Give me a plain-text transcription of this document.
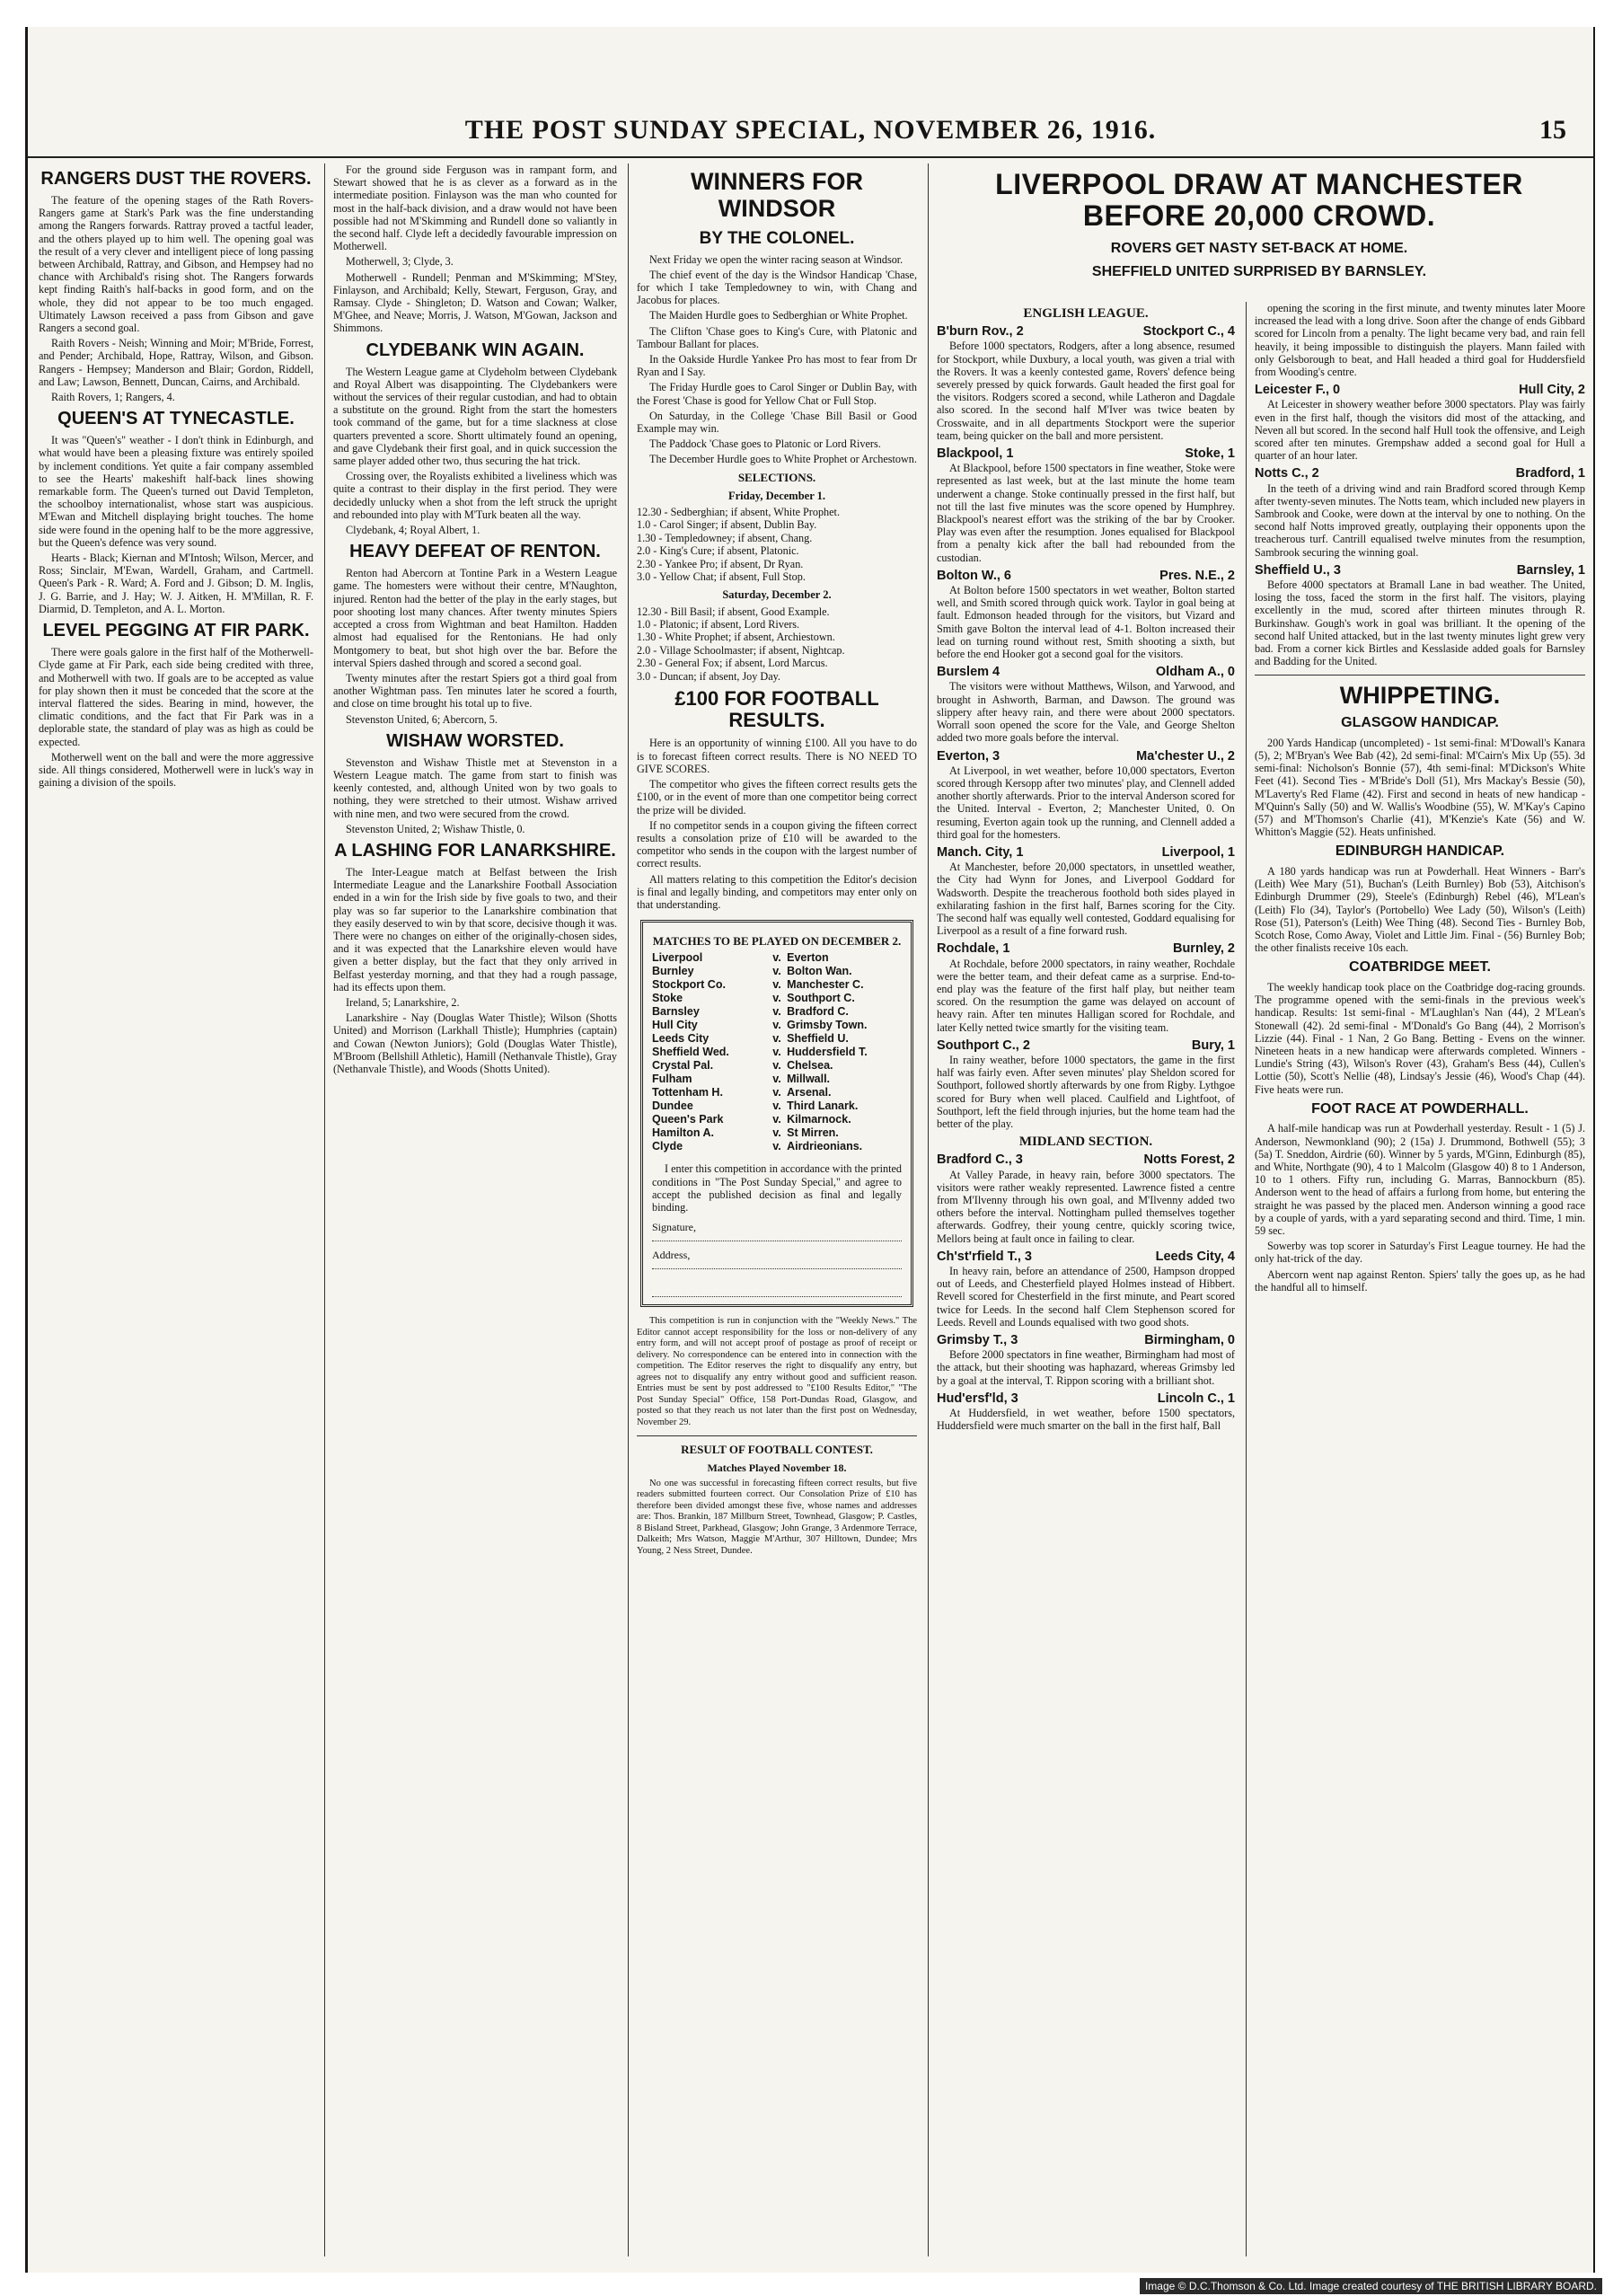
THE POST SUNDAY SPECIAL, NOVEMBER 26, 1916.	15
RANGERS DUST THE ROVERS.

The feature of the opening stages of the Rath Rovers-Rangers game at Stark's Park was the fine understanding among the Rangers forwards. Rattray proved a tactful leader, and the others played up to him well. The opening goal was the result of a very clever and intelligent piece of long passing between Archibald, Rattray, and Gibson, and Hempsey had no chance with Archibald's rising shot. The Rangers forwards kept finding Raith's half-backs in good form, and on the whole, they did not appear to be too much engaged. Ultimately Lawson received a pass from Gibson and gave Rangers a second goal.

Raith Rovers - Neish; Winning and Moir; M'Bride, Forrest, and Pender; Archibald, Hope, Rattray, Wilson, and Gibson. Rangers - Hempsey; Manderson and Blair; Gordon, Riddell, and Law; Lawson, Bennett, Duncan, Cairns, and Archibald.

Raith Rovers, 1; Rangers, 4.

QUEEN'S AT TYNECASTLE.

It was "Queen's" weather - I don't think in Edinburgh, and what would have been a pleasing fixture was entirely spoiled by inclement conditions. Yet quite a fair company assembled to see the Hearts' makeshift half-back lines showing remarkable form. The Queen's turned out David Templeton, the schoolboy internationalist, whose start was auspicious. M'Ewan and Mitchell displaying bright touches. The home side were found in the opening half to be the more aggressive, but the Queen's defence was very sound.

Hearts - Black; Kiernan and M'Intosh; Wilson, Mercer, and Ross; Sinclair, M'Ewan, Wardell, Graham, and Cartmell. Queen's Park - R. Ward; A. Ford and J. Gibson; D. M. Inglis, J. G. Barrie, and J. Hay; W. J. Aitken, H. M'Millan, R. F. Diarmid, D. Templeton, and A. L. Morton.

LEVEL PEGGING AT FIR PARK.

There were goals galore in the first half of the Motherwell-Clyde game at Fir Park, each side being credited with three, and Motherwell with two. If goals are to be accepted as value for play shown then it must be conceded that the score at the interval flattered the sides. Bearing in mind, however, the climatic conditions, and the fact that Fir Park was in a deplorable state, the standard of play was as high as could be expected.

Motherwell went on the ball and were the more aggressive side. All things considered, Motherwell were in luck's way in gaining a division of the spoils.

For the ground side Ferguson was in rampant form, and Stewart showed that he is as clever as a forward as in the intermediate position. Finlayson was the man who counted for most in the half-back division, and a draw would not have been possible had not M'Skimming and Rundell done so valiantly in the second half. Clyde left a decidedly favourable impression on Motherwell.

Motherwell, 3; Clyde, 3.

Motherwell - Rundell; Penman and M'Skimming; M'Stey, Finlayson, and Archibald; Kelly, Stewart, Ferguson, Gray, and Ramsay. Clyde - Shingleton; D. Watson and Cowan; Walker, M'Ghee, and Neave; Morris, J. Watson, M'Gowan, Jackson and Shimmons.

CLYDEBANK WIN AGAIN.

The Western League game at Clydeholm between Clydebank and Royal Albert was disappointing. The Clydebankers were without the services of their regular custodian, and had to obtain a substitute on the ground. Right from the start the homesters took command of the game, but for a time slackness at close quarters prevented a score. Shortt ultimately found an opening, and gave Clydebank their first goal, and in quick succession the same player added other two, thus securing the hat trick.

Crossing over, the Royalists exhibited a liveliness which was quite a contrast to their display in the first period. They were decidedly unlucky when a shot from the left struck the upright and rebounded into play with M'Turk beaten all the way.

Clydebank, 4; Royal Albert, 1.

HEAVY DEFEAT OF RENTON.

Renton had Abercorn at Tontine Park in a Western League game. The homesters were without their centre, M'Naughton, injured. Renton had the better of the play in the early stages, but poor shooting lost many chances. After twenty minutes Spiers accepted a cross from Wightman and beat Hamilton. Hadden almost had equalised for the Rentonians. He had only Montgomery to beat, but shot high over the bar. Before the interval Spiers dashed through and scored a second goal.

Twenty minutes after the restart Spiers got a third goal from another Wightman pass. Ten minutes later he scored a fourth, and close on time brought his total up to five.

Stevenston United, 6; Abercorn, 5.

WISHAW WORSTED.

Stevenston and Wishaw Thistle met at Stevenston in a Western League match. The game from start to finish was keenly contested, and, although United won by two goals to nothing, they were stretched to their utmost. Wishaw arrived with nine men, and two were secured from the crowd.

Stevenston United, 2; Wishaw Thistle, 0.

A LASHING FOR LANARKSHIRE.

The Inter-League match at Belfast between the Irish Intermediate League and the Lanarkshire Football Association ended in a win for the Irish side by five goals to two, and their play was so far superior to the Lanarkshire combination that they easily deserved to win by that score, decisive though it was. There were no changes on either of the originally-chosen sides, and it was expected that the Lanarkshire eleven would have given a better display, but the fact that they only arrived in Belfast yesterday morning, and that they had a rough passage, had its effects upon them.

Ireland, 5; Lanarkshire, 2.

Lanarkshire - Nay (Douglas Water Thistle); Wilson (Shotts United) and Morrison (Larkhall Thistle); Humphries (captain) and Cowan (Newton Juniors); Gold (Douglas Water Thistle), M'Broom (Bellshill Athletic), Hamill (Nethanvale Thistle), Gray (Nethanvale Thistle), and Woods (Shotts United).

WINNERS FOR WINDSOR
BY THE COLONEL.

Next Friday we open the winter racing season at Windsor.

The chief event of the day is the Windsor Handicap 'Chase, for which I take Templedowney to win, with Chang and Jacobus for places.

The Maiden Hurdle goes to Sedberghian or White Prophet.

The Clifton 'Chase goes to King's Cure, with Platonic and Tambour Ballant for places.

In the Oakside Hurdle Yankee Pro has most to fear from Dr Ryan and I Say.

The Friday Hurdle goes to Carol Singer or Dublin Bay, with the Forest 'Chase is good for Yellow Chat or Full Stop.

On Saturday, in the College 'Chase Bill Basil or Good Example may win.

The Paddock 'Chase goes to Platonic or Lord Rivers.

The December Hurdle goes to White Prophet or Archestown.

SELECTIONS.
Friday, December 1.
12.30 - Sedberghian; if absent, White Prophet.
1.0 - Carol Singer; if absent, Dublin Bay.
1.30 - Templedowney; if absent, Chang.
2.0 - King's Cure; if absent, Platonic.
2.30 - Yankee Pro; if absent, Dr Ryan.
3.0 - Yellow Chat; if absent, Full Stop.
Saturday, December 2.
12.30 - Bill Basil; if absent, Good Example.
1.0 - Platonic; if absent, Lord Rivers.
1.30 - White Prophet; if absent, Archiestown.
2.0 - Village Schoolmaster; if absent, Nightcap.
2.30 - General Fox; if absent, Lord Marcus.
3.0 - Duncan; if absent, Joy Day.
£100 FOR FOOTBALL RESULTS.

Here is an opportunity of winning £100. All you have to do is to forecast fifteen correct results. There is NO NEED TO GIVE SCORES.

The competitor who gives the fifteen correct results gets the £100, or in the event of more than one competitor being correct the prize will be divided.

If no competitor sends in a coupon giving the fifteen correct results a consolation prize of £10 will be awarded to the competitor who sends in the coupon with the largest number of correct results.

All matters relating to this competition the Editor's decision is final and legally binding, and competitors may enter only on that understanding.

MATCHES TO BE PLAYED ON DECEMBER 2.
Liverpool	v. Everton
Burnley	v. Bolton Wan.
Stockport Co.	v. Manchester C.
Stoke	v. Southport C.
Barnsley	v. Bradford C.
Hull City	v. Grimsby Town.
Leeds City	v. Sheffield U.
Sheffield Wed.	v. Huddersfield T.
Crystal Pal.	v. Chelsea.
Fulham	v. Millwall.
Tottenham H.	v. Arsenal.
Dundee	v. Third Lanark.
Queen's Park	v. Kilmarnock.
Hamilton A.	v. St Mirren.
Clyde	v. Airdrieonians.

I enter this competition in accordance with the printed conditions in "The Post Sunday Special," and agree to accept the published decision as final and legally binding.

Signature,
Address,

This competition is run in conjunction with the "Weekly News." The Editor cannot accept responsibility for the loss or non-delivery of any entry form, and will not accept proof of postage as proof of receipt or delivery. No correspondence can be entered into in connection with the competition. The Editor reserves the right to disqualify any entry, but agrees not to disqualify any entry without good and sufficient reason. Entries must be sent by post addressed to "£100 Results Editor," "The Post Sunday Special" Office, 158 Port-Dundas Road, Glasgow, and posted so that they reach us not later than the first post on Wednesday, November 29.

RESULT OF FOOTBALL CONTEST.
Matches Played November 18.

No one was successful in forecasting fifteen correct results, but five readers submitted fourteen correct. Our Consolation Prize of £10 has therefore been divided amongst these five, whose names and addresses are: Thos. Brankin, 187 Millburn Street, Townhead, Glasgow; P. Castles, 8 Bisland Street, Parkhead, Glasgow; John Grange, 3 Ardenmore Terrace, Dalkeith; Mrs Watson, Maggie M'Arthur, 307 Hilltown, Dundee; Mrs Young, 2 Ness Street, Dundee.

LIVERPOOL DRAW AT MANCHESTER BEFORE 20,000 CROWD.
ROVERS GET NASTY SET-BACK AT HOME.
SHEFFIELD UNITED SURPRISED BY BARNSLEY.
ENGLISH LEAGUE.
B'burn Rov., 2	Stockport C., 4

Before 1000 spectators, Rodgers, after a long absence, resumed for Stockport, while Duxbury, a local youth, was given a trial with the Rovers. It was a keenly contested game, Rovers' defence being severely pressed by quick forwards. Gault headed the first goal for the visitors. Rodgers scored a second, while Latheron and Dagdale also scored. In the second half M'Iver was twice beaten by Crosswaite, and in all departments Stockport were the superior team, being quicker on the ball and more persistent.

Blackpool, 1	Stoke, 1

At Blackpool, before 1500 spectators in fine weather, Stoke were represented as last week, but at the last minute the home team underwent a change. Stoke continually pressed in the first half, but not till the last five minutes was the score opened by Humphrey. Blackpool's nearest effort was the striking of the bar by Crooker. Play was even after the resumption. Jones equalised for Blackpool from a penalty kick after the ball had rebounded from the custodian.

Bolton W., 6	Pres. N.E., 2

At Bolton before 1500 spectators in wet weather, Bolton started well, and Smith scored through quick work. Taylor in goal being at fault. Edmonson headed through for the visitors, but Vizard and Smith gave Bolton the interval lead of 4-1. Bolton increased their lead on turning round without rest, Smith shooting a sixth, but before the end Hooker got a second goal for the visitors.

Burslem 4	Oldham A., 0

The visitors were without Matthews, Wilson, and Yarwood, and brought in Ashworth, Barman, and Dawson. The ground was slippery after heavy rain, and there were about 2000 spectators. Worrall soon opened the score for the Vale, and George Shelton added two more goals before the interval.

Everton, 3	Ma'chester U., 2

At Liverpool, in wet weather, before 10,000 spectators, Everton scored through Kersopp after two minutes' play, and Clennell added another shortly afterwards. Prior to the interval Anderson scored for the United. Interval - Everton, 2; Manchester United, 0. On resuming, Everton again took up the running, and Clennell added a third goal for the homesters.

Manch. City, 1	Liverpool, 1

At Manchester, before 20,000 spectators, in unsettled weather, the City had Wynn for Jones, and Liverpool Goddard for Wadsworth. Despite the treacherous foothold both sides played in exhilarating fashion in the first half, Barnes scoring for the City. The second half was equally well contested, Goddard equalising for Liverpool as a result of a fine forward rush.

Rochdale, 1	Burnley, 2

At Rochdale, before 2000 spectators, in rainy weather, Rochdale were the better team, and their defeat came as a surprise. End-to-end play was the feature of the first half play, but neither team scored. On the resumption the game was delayed on account of heavy rain. After ten minutes Halligan scored for Rochdale, and later Kelly netted twice smartly for the visiting team.

Southport C., 2	Bury, 1

In rainy weather, before 1000 spectators, the game in the first half was fairly even. After seven minutes' play Sheldon scored for Southport, followed shortly afterwards by one from Rigby. Lythgoe scored for Bury when well placed. Caulfield and Lightfoot, of Southport, left the field through injuries, but the home team had the better of the play.

MIDLAND SECTION.
Bradford C., 3	Notts Forest, 2

At Valley Parade, in heavy rain, before 3000 spectators. The visitors were rather weakly represented. Lawrence fisted a centre from M'Ilvenny through his own goal, and M'Ilvenny added two others before the interval. Nottingham pulled themselves together afterwards. Godfrey, their young centre, quickly scoring twice, Mellors being at fault once in failing to clear.

Ch'st'rfield T., 3	Leeds City, 4

In heavy rain, before an attendance of 2500, Hampson dropped out of Leeds, and Chesterfield played Holmes instead of Hibbert. Revell scored for Chesterfield in the first minute, and Peart scored twice for Leeds. In the second half Clem Stephenson scored for Leeds. Revell and Lounds equalised with two good shots.

Grimsby T., 3	Birmingham, 0

Before 2000 spectators in fine weather, Birmingham had most of the attack, but their shooting was haphazard, whereas Grimsby led by a goal at the interval, T. Rippon scoring with a brilliant shot.

Hud'ersf'ld, 3	Lincoln C., 1

At Huddersfield, in wet weather, before 1500 spectators, Huddersfield were much smarter on the ball in the first half, Ball

opening the scoring in the first minute, and twenty minutes later Moore increased the lead with a long drive. Soon after the change of ends Gibbard scored for Lincoln from a penalty. The light became very bad, and rain fell heavily, it being impossible to distinguish the players. Mann failed with only Gelsborough to beat, and Hall headed a third goal for Huddersfield from Wooding's centre.

Leicester F., 0	Hull City, 2

At Leicester in showery weather before 3000 spectators. Play was fairly even in the first half, though the visitors did most of the attacking, and Neven all but scored. In the second half Hull took the offensive, and Leigh scored after ten minutes. Grempshaw added a second goal for Hull a quarter of an hour later.

Notts C., 2	Bradford, 1

In the teeth of a driving wind and rain Bradford scored through Kemp after twenty-seven minutes. The Notts team, which included new players in Sambrook and Cooke, were down at the interval by one to nothing. On the second half Notts improved greatly, outplaying their opponents upon the treacherous turf. Cantrill equalised twelve minutes from the resumption, Sambrook securing the winning goal.

Sheffield U., 3	Barnsley, 1

Before 4000 spectators at Bramall Lane in bad weather. The United, losing the toss, faced the storm in the first half. The visitors, playing excellently in the mud, scored after thirteen minutes through R. Burkinshaw. Gough's work in goal was brilliant. It the opening of the second half United attacked, but in the last twenty minutes light grew very bad. From a corner kick Birtles and Kesslaside added goals for Barnsley and Badding for the United.

WHIPPETING.
GLASGOW HANDICAP.

200 Yards Handicap (uncompleted) - 1st semi-final: M'Dowall's Kanara (5), 2; M'Bryan's Wee Bab (42), 2d semi-final: M'Cairn's Mix Up (55). 3d semi-final: Nicholson's Bonnie (57), 4th semi-final: M'Dickson's White Feet (41). Second Ties - M'Bride's Doll (51), Mrs Mackay's Bessie (50), M'Laverty's Red Flame (42). First and second in heats of new handicap - M'Quinn's Sally (50) and W. Wallis's Woodbine (55), W. M'Kay's Capino (57) and M'Thomson's Charlie (41), M'Kenzie's Kate (56) and W. Whitton's Maggie (52). Heats unfinished.

EDINBURGH HANDICAP.

A 180 yards handicap was run at Powderhall. Heat Winners - Barr's (Leith) Wee Mary (51), Buchan's (Leith Burnley) Bob (53), Aitchison's Edinburgh Drummer (29), Steele's (Edinburgh) Rebel (46), M'Lean's (Leith) Flo (34), Taylor's (Portobello) Wee Lady (50), Wilson's (Leith) Rose (51), Paterson's (Leith) Wee Thing (48). Second Ties - Burnley Bob, Scotch Rose, Como Away, Violet and Little Jim. Final - (56) Burnley Bob; the other finalists receive 10s each.

COATBRIDGE MEET.

The weekly handicap took place on the Coatbridge dog-racing grounds. The programme opened with the semi-finals in the previous week's handicap. Results: 1st semi-final - M'Laughlan's Nan (44), 2 M'Lean's Stonewall (42). 2d semi-final - M'Donald's Go Bang (44), 2 Morrison's Lizzie (44). Final - 1 Nan, 2 Go Bang. Betting - Evens on the winner. Nineteen heats in a new handicap were afterwards completed. Winners - Lundie's String (43), Wilson's Rover (43), Graham's Bess (44), Cullen's Lottie (50), Scott's Nellie (48), Lindsay's Jessie (46), Wood's Chap (44). Five heats were run.

FOOT RACE AT POWDERHALL.

A half-mile handicap was run at Powderhall yesterday. Result - 1 (5) J. Anderson, Newmonkland (90); 2 (15a) J. Drummond, Bothwell (55); 3 (5a) T. Sneddon, Airdrie (60). Winner by 5 yards, M'Ginn, Edinburgh (85), and White, Northgate (90), 4 to 1 Malcolm (Glasgow 40) 8 to 1 Anderson, 10 to 1 others. Fifty run, including G. Marras, Bannockburn (85). Anderson went to the head of affairs a furlong from home, but entering the straight he was passed by the placed men. Anderson winning a good race by a couple of yards, with a yard separating second and third. Time, 1 min. 59 sec.

Sowerby was top scorer in Saturday's First League tourney. He had the only hat-trick of the day.

Abercorn went nap against Renton. Spiers' tally the goes up, as he had the handful all to himself.

Image © D.C.Thomson & Co. Ltd. Image created courtesy of THE BRITISH LIBRARY BOARD.
